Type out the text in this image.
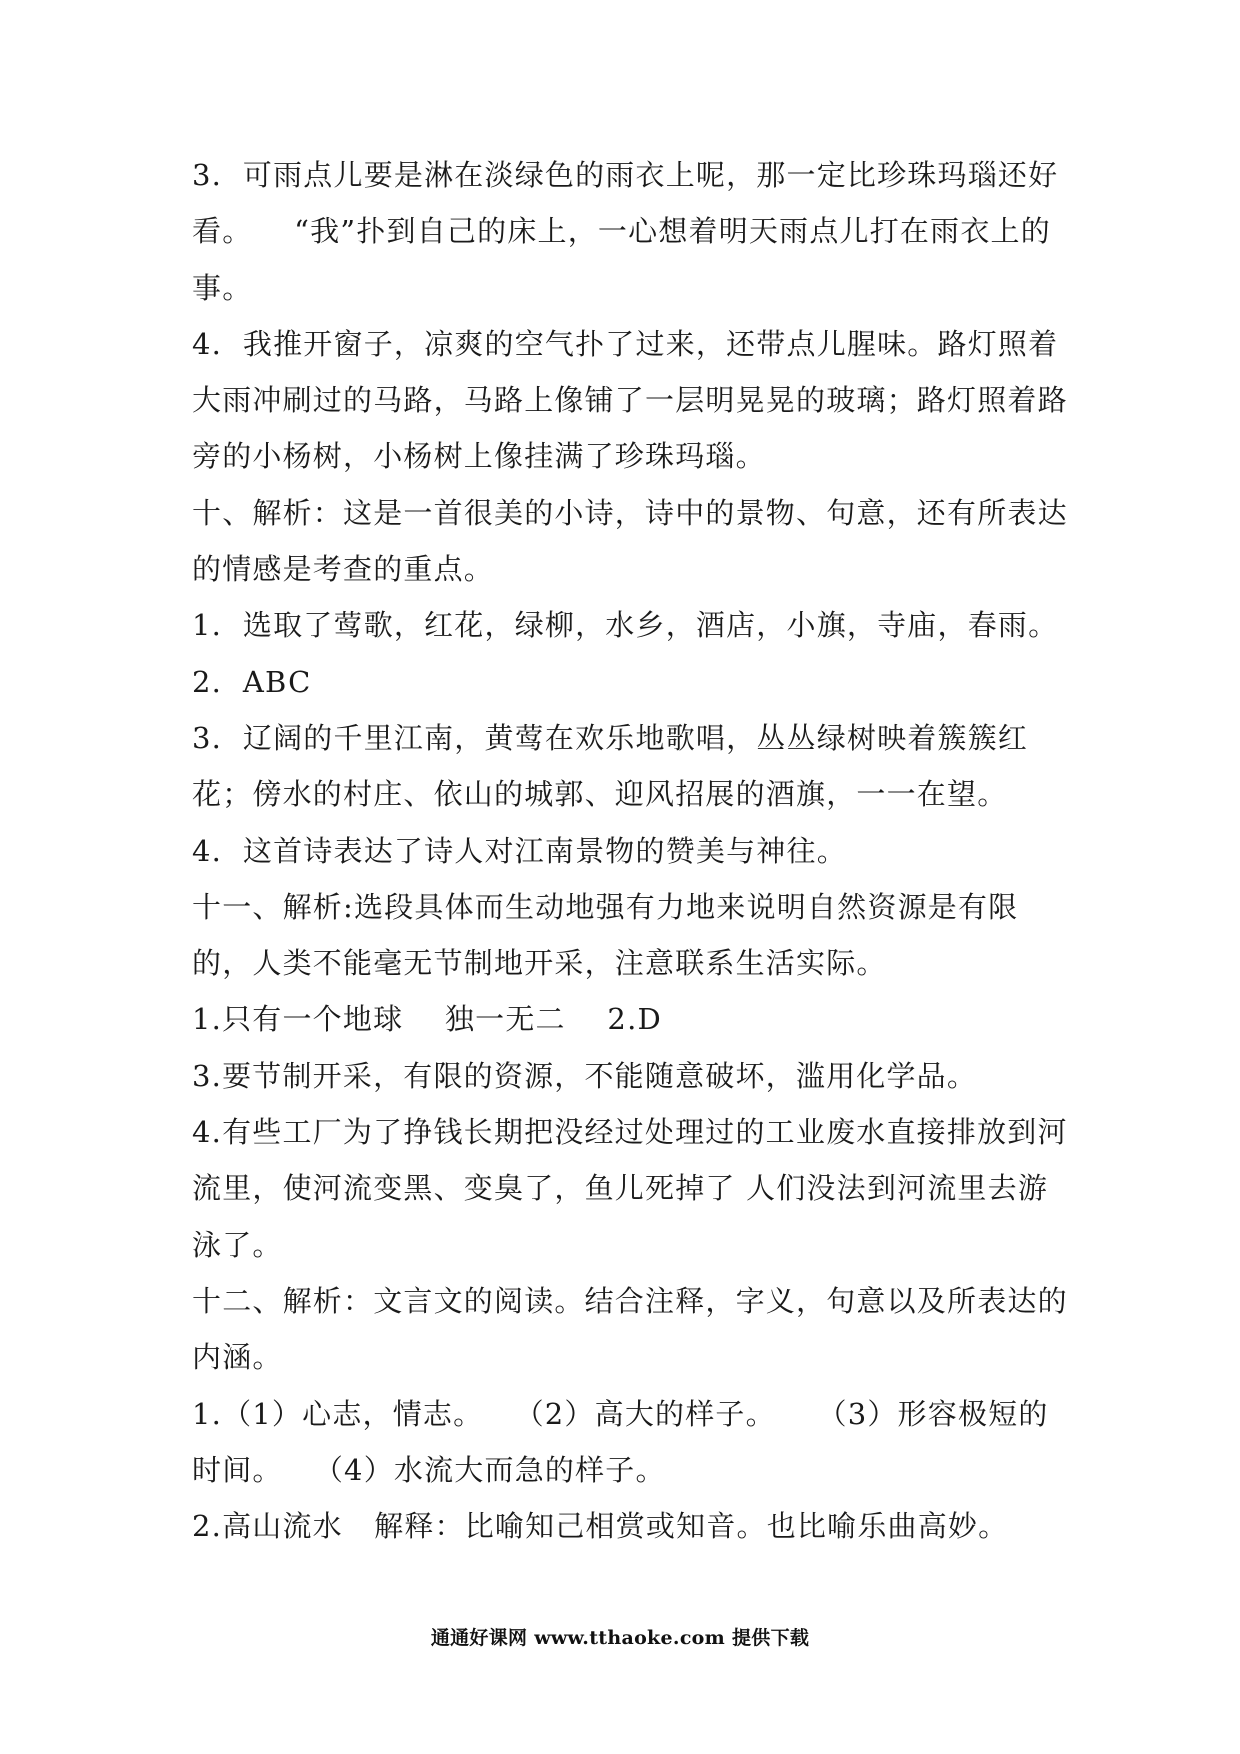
3.  可雨点儿要是淋在淡绿色的雨衣上呢，那一定比珍珠玛瑙还好看。    “我”扑到自己的床上，一心想着明天雨点儿打在雨衣上的事。

4.  我推开窗子，凉爽的空气扑了过来，还带点儿腥味。路灯照着大雨冲刷过的马路，马路上像铺了一层明晃晃的玻璃；路灯照着路旁的小杨树，小杨树上像挂满了珍珠玛瑙。

十、解析：这是一首很美的小诗，诗中的景物、句意，还有所表达的情感是考查的重点。

1.  选取了莺歌，红花，绿柳，水乡，酒店，小旗，寺庙，春雨。

2.  ABC

3.  辽阔的千里江南，黄莺在欢乐地歌唱，丛丛绿树映着簇簇红花；傍水的村庄、依山的城郭、迎风招展的酒旗，一一在望。

4.  这首诗表达了诗人对江南景物的赞美与神往。

十一、解析:选段具体而生动地强有力地来说明自然资源是有限的，人类不能毫无节制地开采，注意联系生活实际。

1.只有一个地球    独一无二    2.D

3.要节制开采，有限的资源，不能随意破坏，滥用化学品。

4.有些工厂为了挣钱长期把没经过处理过的工业废水直接排放到河流里，使河流变黑、变臭了，鱼儿死掉了 人们没法到河流里去游泳了。

十二、解析：文言文的阅读。结合注释，字义，句意以及所表达的内涵。

1.（1）心志，情志。   （2）高大的样子。    （3）形容极短的时间。   （4）水流大而急的样子。

2.高山流水   解释：比喻知己相赏或知音。也比喻乐曲高妙。

通通好课网 www.tthaoke.com 提供下载
